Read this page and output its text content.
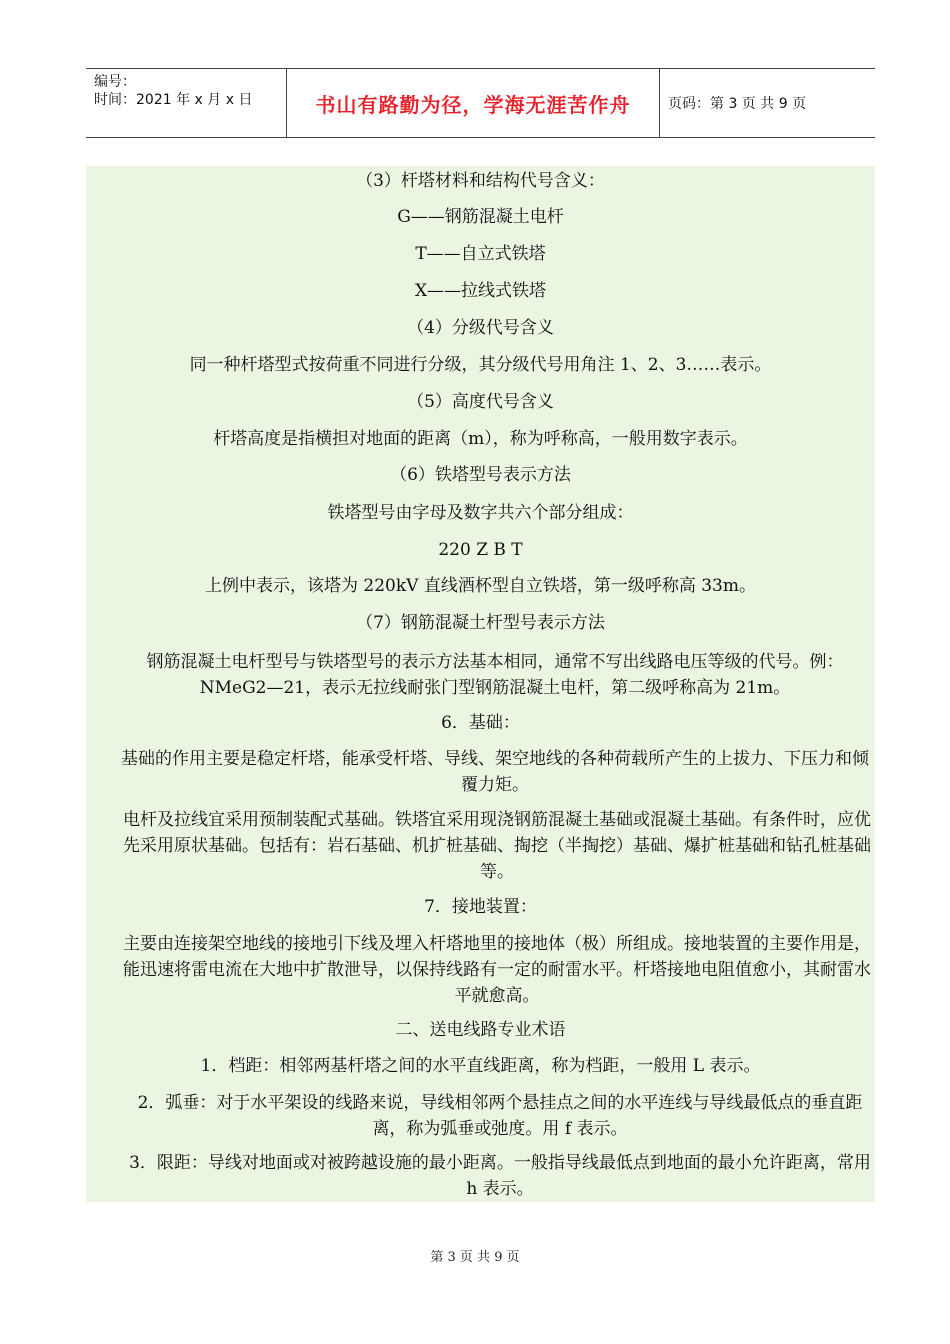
编号：
时间：2021 年 x 月 x 日	书山有路勤为径，学海无涯苦作舟	页码：第 3 页 共 9 页
（3）杆塔材料和结构代号含义：
G——钢筋混凝土电杆
T——自立式铁塔
X——拉线式铁塔
（4）分级代号含义
同一种杆塔型式按荷重不同进行分级，其分级代号用角注 1、2、3……表示。
（5）高度代号含义
杆塔高度是指横担对地面的距离（m），称为呼称高，一般用数字表示。
（6）铁塔型号表示方法
铁塔型号由字母及数字共六个部分组成：
220 Z B T
上例中表示，该塔为 220kV 直线酒杯型自立铁塔，第一级呼称高 33m。
（7）钢筋混凝土杆型号表示方法
钢筋混凝土电杆型号与铁塔型号的表示方法基本相同，通常不写出线路电压等级的代号。例：NMeG2—21，表示无拉线耐张门型钢筋混凝土电杆，第二级呼称高为 21m。
6．基础：
基础的作用主要是稳定杆塔，能承受杆塔、导线、架空地线的各种荷载所产生的上拔力、下压力和倾覆力矩。
电杆及拉线宜采用预制装配式基础。铁塔宜采用现浇钢筋混凝土基础或混凝土基础。有条件时，应优先采用原状基础。包括有：岩石基础、机扩桩基础、掏挖（半掏挖）基础、爆扩桩基础和钻孔桩基础等。
7．接地装置：
主要由连接架空地线的接地引下线及埋入杆塔地里的接地体（极）所组成。接地装置的主要作用是，能迅速将雷电流在大地中扩散泄导，以保持线路有一定的耐雷水平。杆塔接地电阻值愈小，其耐雷水平就愈高。
二、送电线路专业术语
1．档距：相邻两基杆塔之间的水平直线距离，称为档距，一般用 L 表示。
2．弧垂：对于水平架设的线路来说，导线相邻两个悬挂点之间的水平连线与导线最低点的垂直距离，称为弧垂或弛度。用 f 表示。
3．限距：导线对地面或对被跨越设施的最小距离。一般指导线最低点到地面的最小允许距离，常用 h 表示。
第 3 页 共 9 页
